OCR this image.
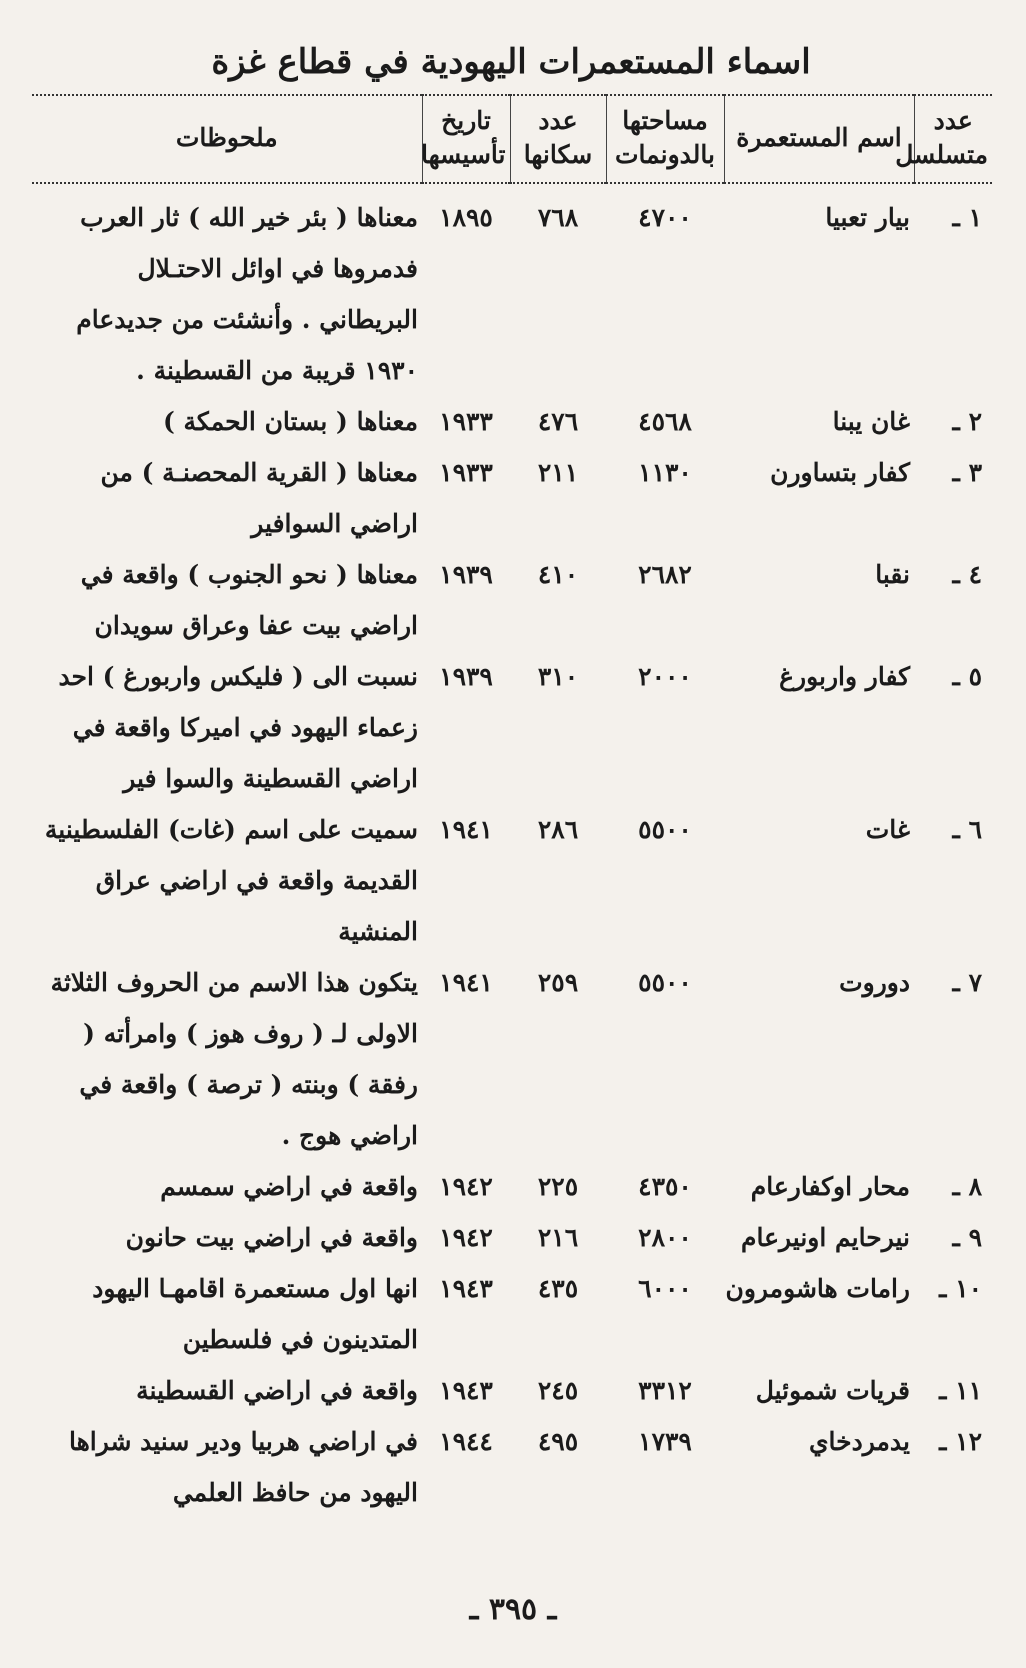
اسماء المستعمرات اليهودية في قطاع غزة
عدد متسلسل	اسم المستعمرة	مساحتها بالدونمات	عدد سكانها	تاريخ تأسيسها	ملحوظات
١ ـ	بيار تعبيا	٤٧٠٠	٧٦٨	١٨٩٥	معناها ( بئر خير الله ) ثار العرب فدمروها في اوائل الاحتـلال البريطاني . وأنشئت من جديدعام ١٩٣٠ قريبة من القسطينة .
٢ ـ	غان يبنا	٤٥٦٨	٤٧٦	١٩٣٣	معناها ( بستان الحمكة )
٣ ـ	كفار بتساورن	١١٣٠	٢١١	١٩٣٣	معناها ( القرية المحصنـة ) من اراضي السوافير
٤ ـ	نقبا	٢٦٨٢	٤١٠	١٩٣٩	معناها ( نحو الجنوب ) واقعة في اراضي بيت عفا وعراق سويدان
٥ ـ	كفار واربورغ	٢٠٠٠	٣١٠	١٩٣٩	نسبت الى ( فليكس واربورغ ) احد زعماء اليهود في اميركا واقعة في اراضي القسطينة والسوا فير
٦ ـ	غات	٥٥٠٠	٢٨٦	١٩٤١	سميت على اسم (غات) الفلسطينية القديمة واقعة في اراضي عراق المنشية
٧ ـ	دوروت	٥٥٠٠	٢٥٩	١٩٤١	يتكون هذا الاسم من الحروف الثلاثة الاولى لـ ( روف هوز ) وامرأته ( رفقة ) وبنته ( ترصة ) واقعة في اراضي هوج .
٨ ـ	محار اوكفارعام	٤٣٥٠	٢٢٥	١٩٤٢	واقعة في اراضي سمسم
٩ ـ	نيرحايم اونيرعام	٢٨٠٠	٢١٦	١٩٤٢	واقعة في اراضي بيت حانون
١٠ ـ	رامات هاشومرون	٦٠٠٠	٤٣٥	١٩٤٣	انها اول مستعمرة اقامهـا اليهود المتدينون في فلسطين
١١ ـ	قريات شموئيل	٣٣١٢	٢٤٥	١٩٤٣	واقعة في اراضي القسطينة
١٢ ـ	يدمردخاي	١٧٣٩	٤٩٥	١٩٤٤	في اراضي هربيا ودير سنيد شراها اليهود من حافظ العلمي
ـ ٣٩٥ ـ
